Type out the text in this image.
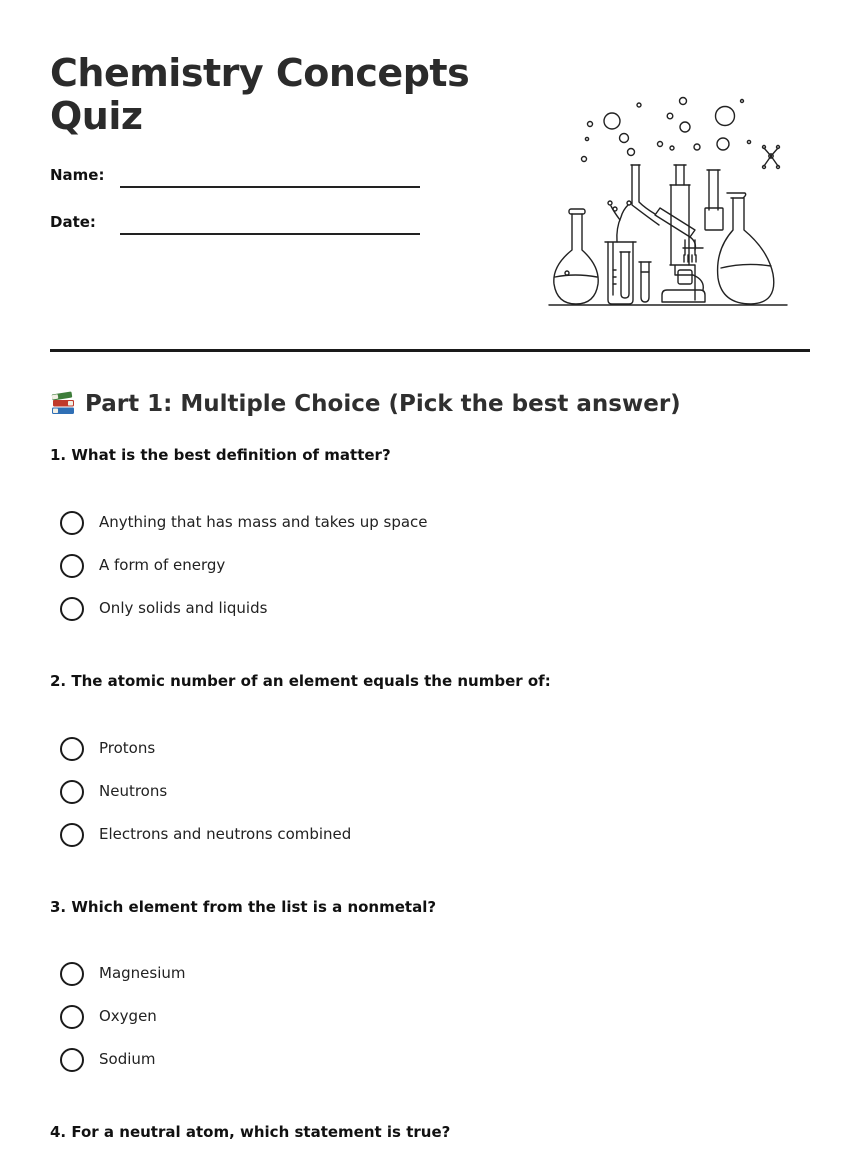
Chemistry Concepts
Quiz
Name:
Date:
Part 1: Multiple Choice (Pick the best answer)
1. What is the best definition of matter?
Anything that has mass and takes up space
A form of energy
Only solids and liquids
2. The atomic number of an element equals the number of:
Protons
Neutrons
Electrons and neutrons combined
3. Which element from the list is a nonmetal?
Magnesium
Oxygen
Sodium
4. For a neutral atom, which statement is true?
